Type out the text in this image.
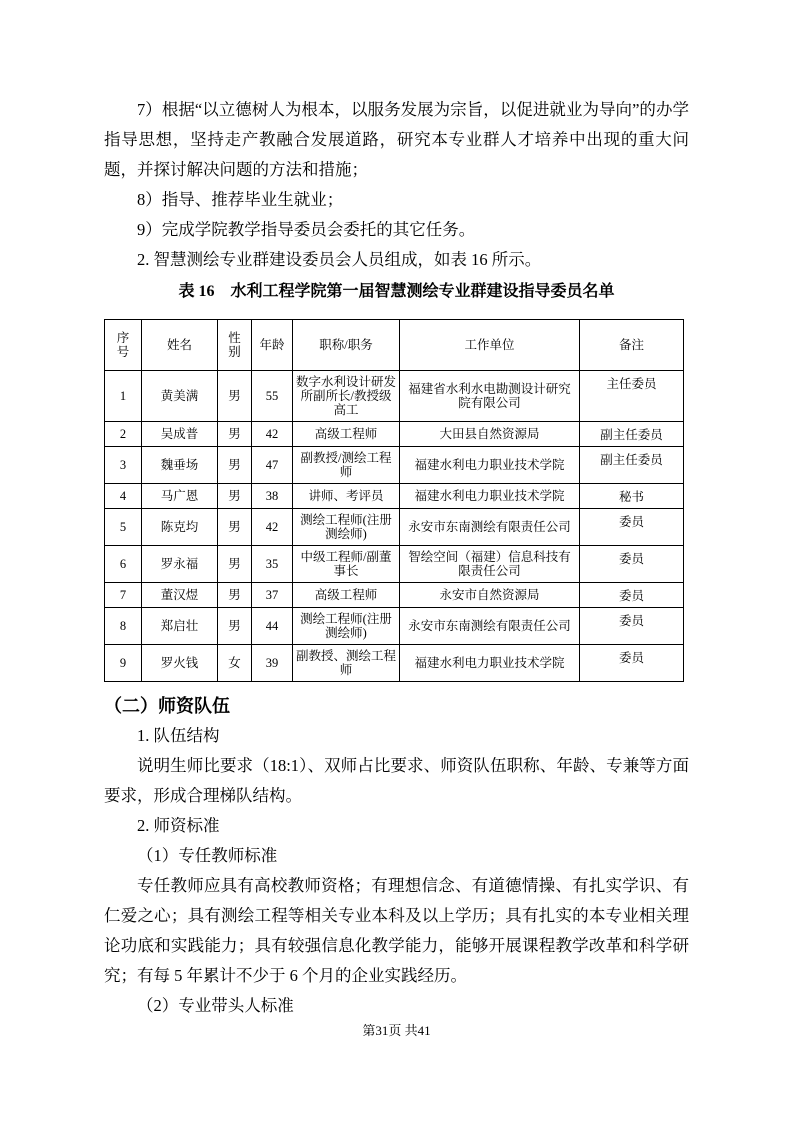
7）根据“以立德树人为根本，以服务发展为宗旨，以促进就业为导向”的办学指导思想，坚持走产教融合发展道路，研究本专业群人才培养中出现的重大问题，并探讨解决问题的方法和措施；

8）指导、推荐毕业生就业；

9）完成学院教学指导委员会委托的其它任务。

2. 智慧测绘专业群建设委员会人员组成，如表 16 所示。

表 16　水利工程学院第一届智慧测绘专业群建设指导委员名单

序号	姓名	性别	年龄	职称/职务	工作单位	备注
1	黄美满	男	55	数字水利设计研发所副所长/教授级高工	福建省水利水电勘测设计研究院有限公司	主任委员
2	吴成普	男	42	高级工程师	大田县自然资源局	副主任委员
3	魏垂场	男	47	副教授/测绘工程师	福建水利电力职业技术学院	副主任委员
4	马广恩	男	38	讲师、考评员	福建水利电力职业技术学院	秘书
5	陈克均	男	42	测绘工程师(注册测绘师)	永安市东南测绘有限责任公司	委员
6	罗永福	男	35	中级工程师/副董事长	智绘空间（福建）信息科技有限责任公司	委员
7	董汉煜	男	37	高级工程师	永安市自然资源局	委员
8	郑启壮	男	44	测绘工程师(注册测绘师)	永安市东南测绘有限责任公司	委员
9	罗火钱	女	39	副教授、测绘工程师	福建水利电力职业技术学院	委员

（二）师资队伍

1. 队伍结构

说明生师比要求（18:1）、双师占比要求、师资队伍职称、年龄、专兼等方面要求，形成合理梯队结构。

2. 师资标准

（1）专任教师标准

专任教师应具有高校教师资格；有理想信念、有道德情操、有扎实学识、有仁爱之心；具有测绘工程等相关专业本科及以上学历；具有扎实的本专业相关理论功底和实践能力；具有较强信息化教学能力，能够开展课程教学改革和科学研究；有每 5 年累计不少于 6 个月的企业实践经历。

（2）专业带头人标准

第31页 共41
